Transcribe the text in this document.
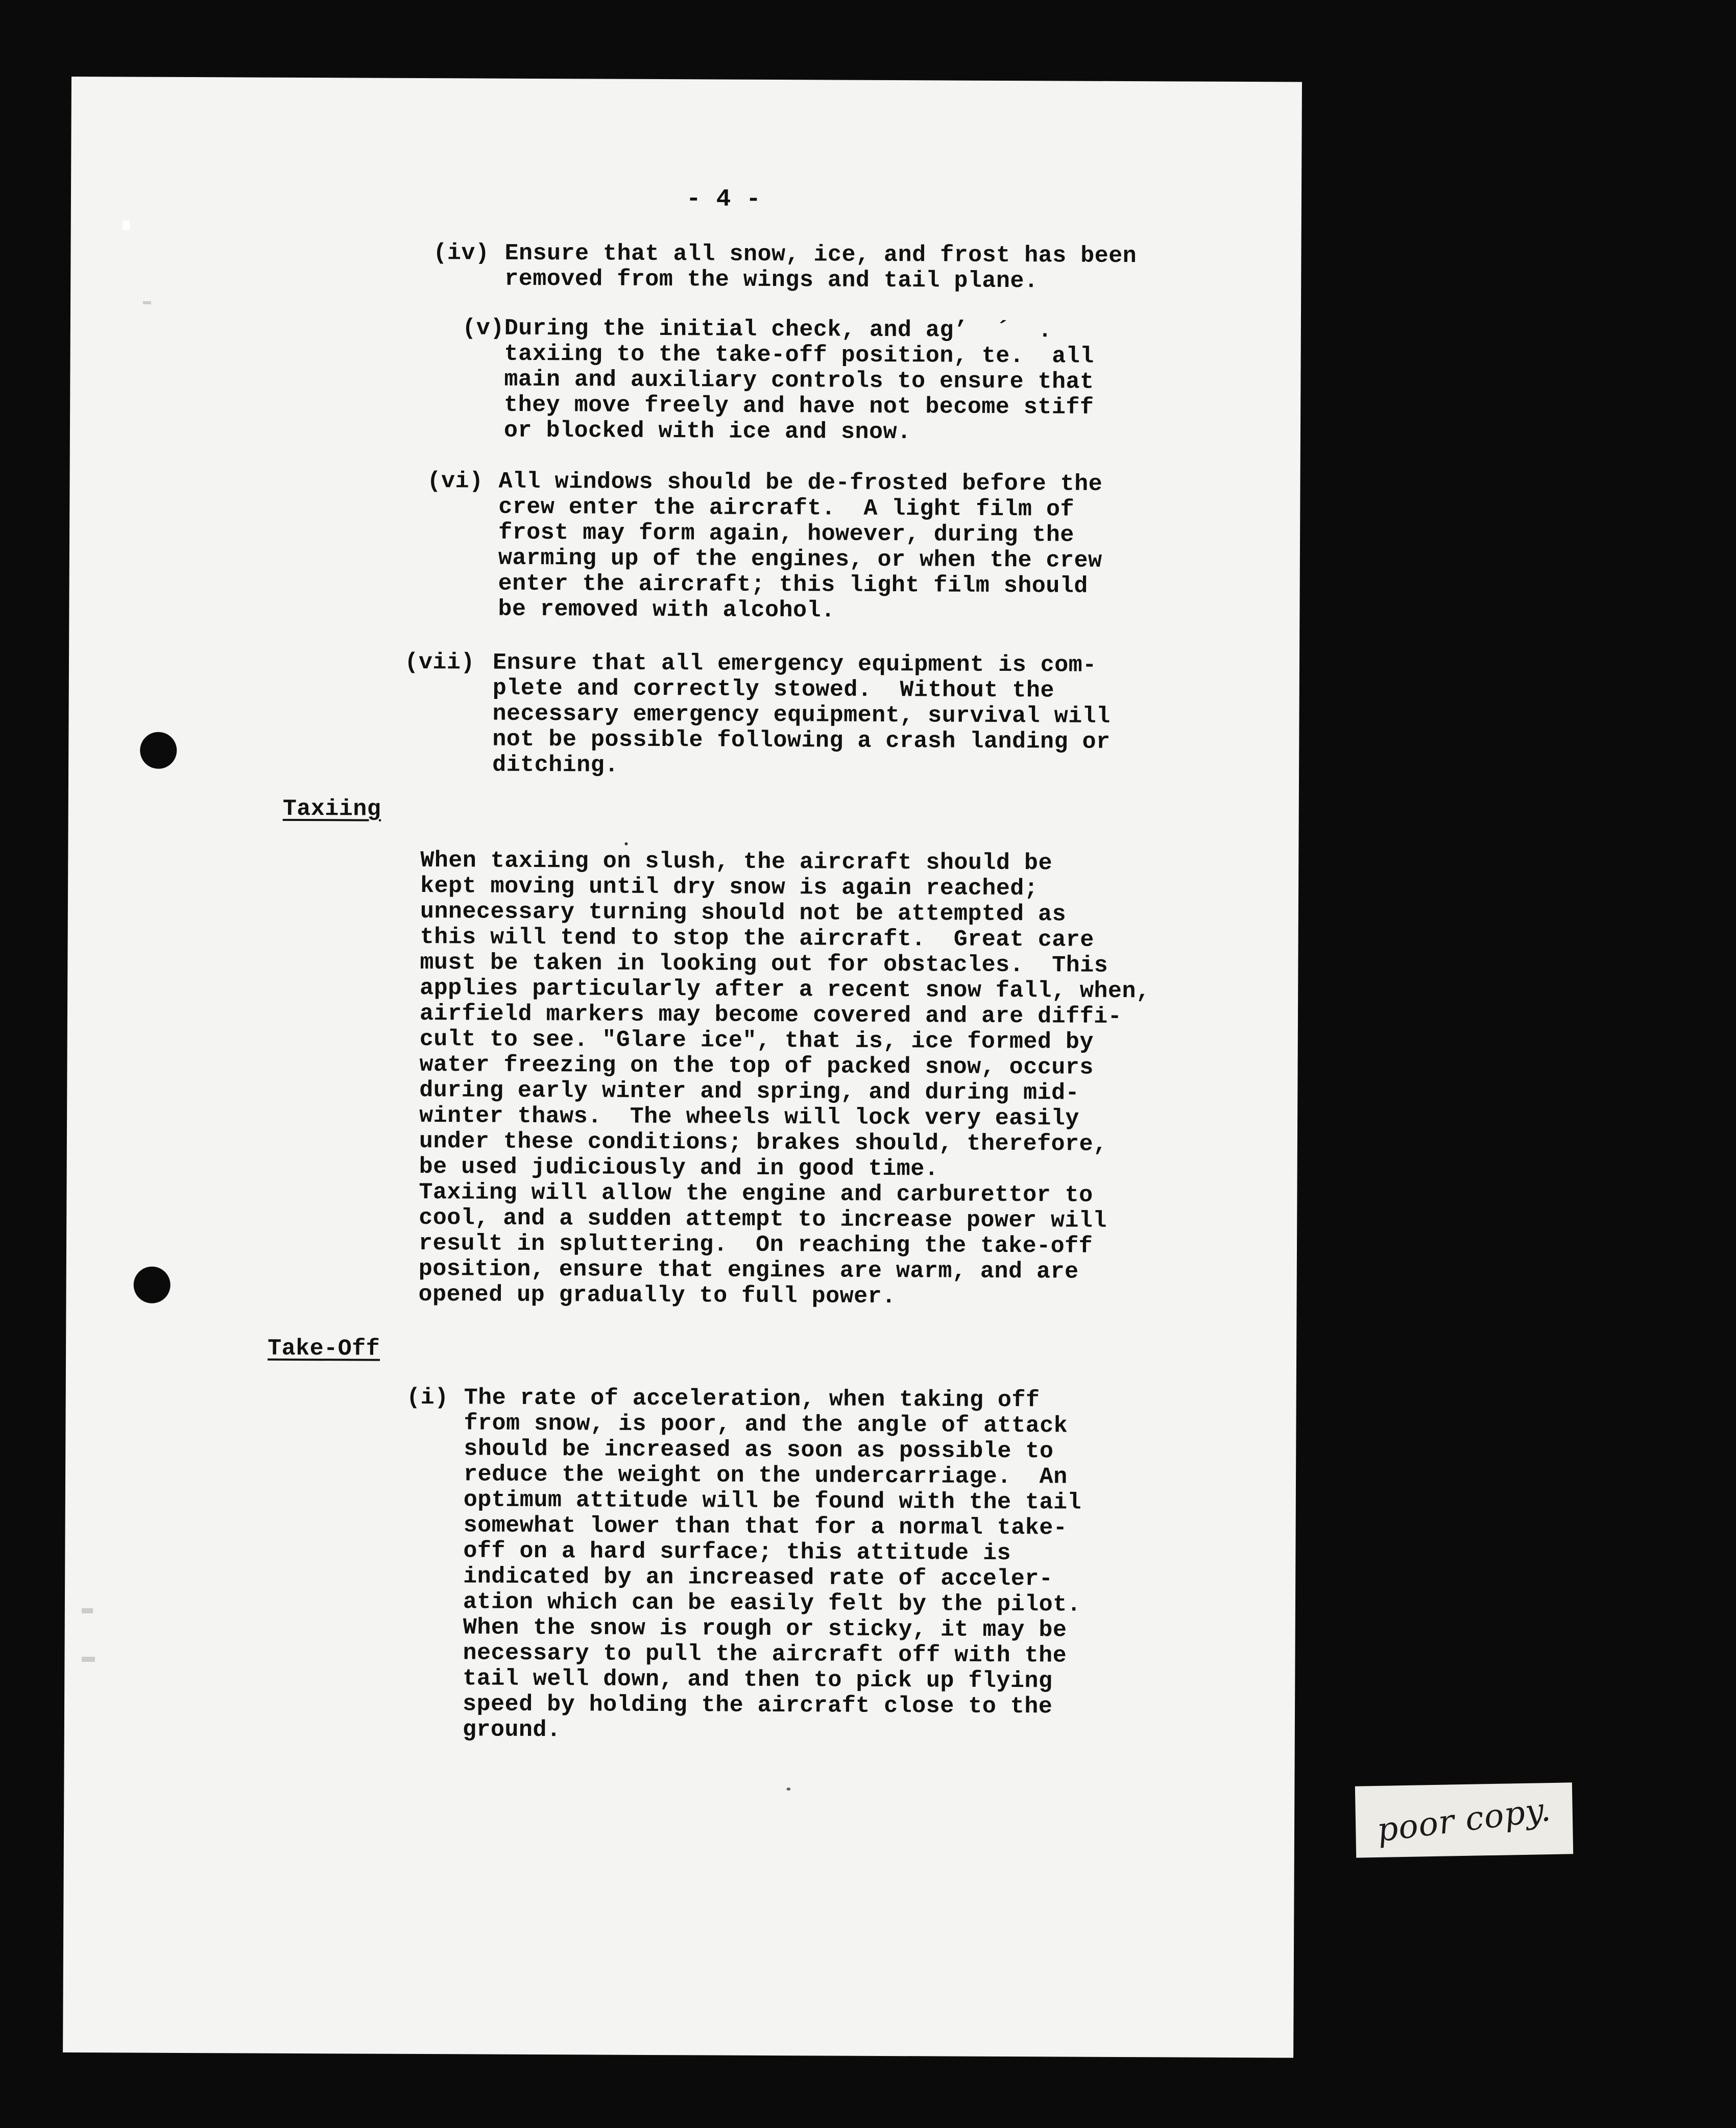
- 4 -
(iv) Ensure that all snow, ice, and frost has been
removed from the wings and tail plane.
(v) During the initial check, and ag’  ´  .
taxiing to the take-off position, te.  all
main and auxiliary controls to ensure that
they move freely and have not become stiff
or blocked with ice and snow.
(vi) All windows should be de-frosted before the
crew enter the aircraft.  A light film of
frost may form again, however, during the
warming up of the engines, or when the crew
enter the aircraft; this light film should
be removed with alcohol.
(vii) Ensure that all emergency equipment is com-
plete and correctly stowed.  Without the
necessary emergency equipment, survival will
not be possible following a crash landing or
ditching.
Taxiing
When taxiing on slush, the aircraft should be
kept moving until dry snow is again reached;
unnecessary turning should not be attempted as
this will tend to stop the aircraft.  Great care
must be taken in looking out for obstacles.  This
applies particularly after a recent snow fall, when,
airfield markers may become covered and are diffi-
cult to see. "Glare ice", that is, ice formed by
water freezing on the top of packed snow, occurs
during early winter and spring, and during mid-
winter thaws.  The wheels will lock very easily
under these conditions; brakes should, therefore,
be used judiciously and in good time.
Taxiing will allow the engine and carburettor to
cool, and a sudden attempt to increase power will
result in spluttering.  On reaching the take-off
position, ensure that engines are warm, and are
opened up gradually to full power.
Take-Off
(i) The rate of acceleration, when taking off
from snow, is poor, and the angle of attack
should be increased as soon as possible to
reduce the weight on the undercarriage.  An
optimum attitude will be found with the tail
somewhat lower than that for a normal take-
off on a hard surface; this attitude is
indicated by an increased rate of acceler-
ation which can be easily felt by the pilot.
When the snow is rough or sticky, it may be
necessary to pull the aircraft off with the
tail well down, and then to pick up flying
speed by holding the aircraft close to the
ground.
poor copy.
